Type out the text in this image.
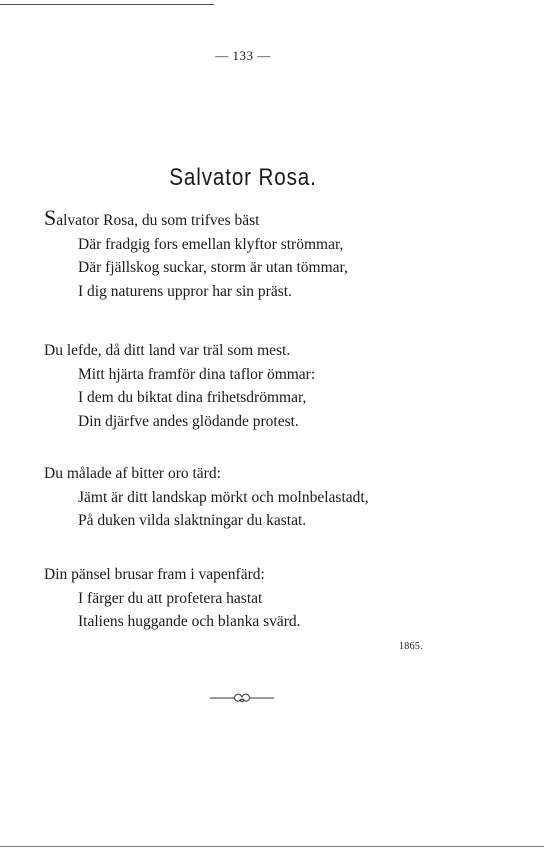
— 133 —
Salvator Rosa.
Salvator Rosa, du som trifves bäst
Där fradgig fors emellan klyftor strömmar,
Där fjällskog suckar, storm är utan tömmar,
I dig naturens uppror har sin präst.
Du lefde, då ditt land var träl som mest.
Mitt hjärta framför dina taflor ömmar:
I dem du biktat dina frihetsdrömmar,
Din djärfve andes glödande protest.
Du målade af bitter oro tärd:
Jämt är ditt landskap mörkt och molnbelastadt,
På duken vilda slaktningar du kastat.
Din pänsel brusar fram i vapenfärd:
I färger du att profetera hastat
Italiens huggande och blanka svärd.
1865.
